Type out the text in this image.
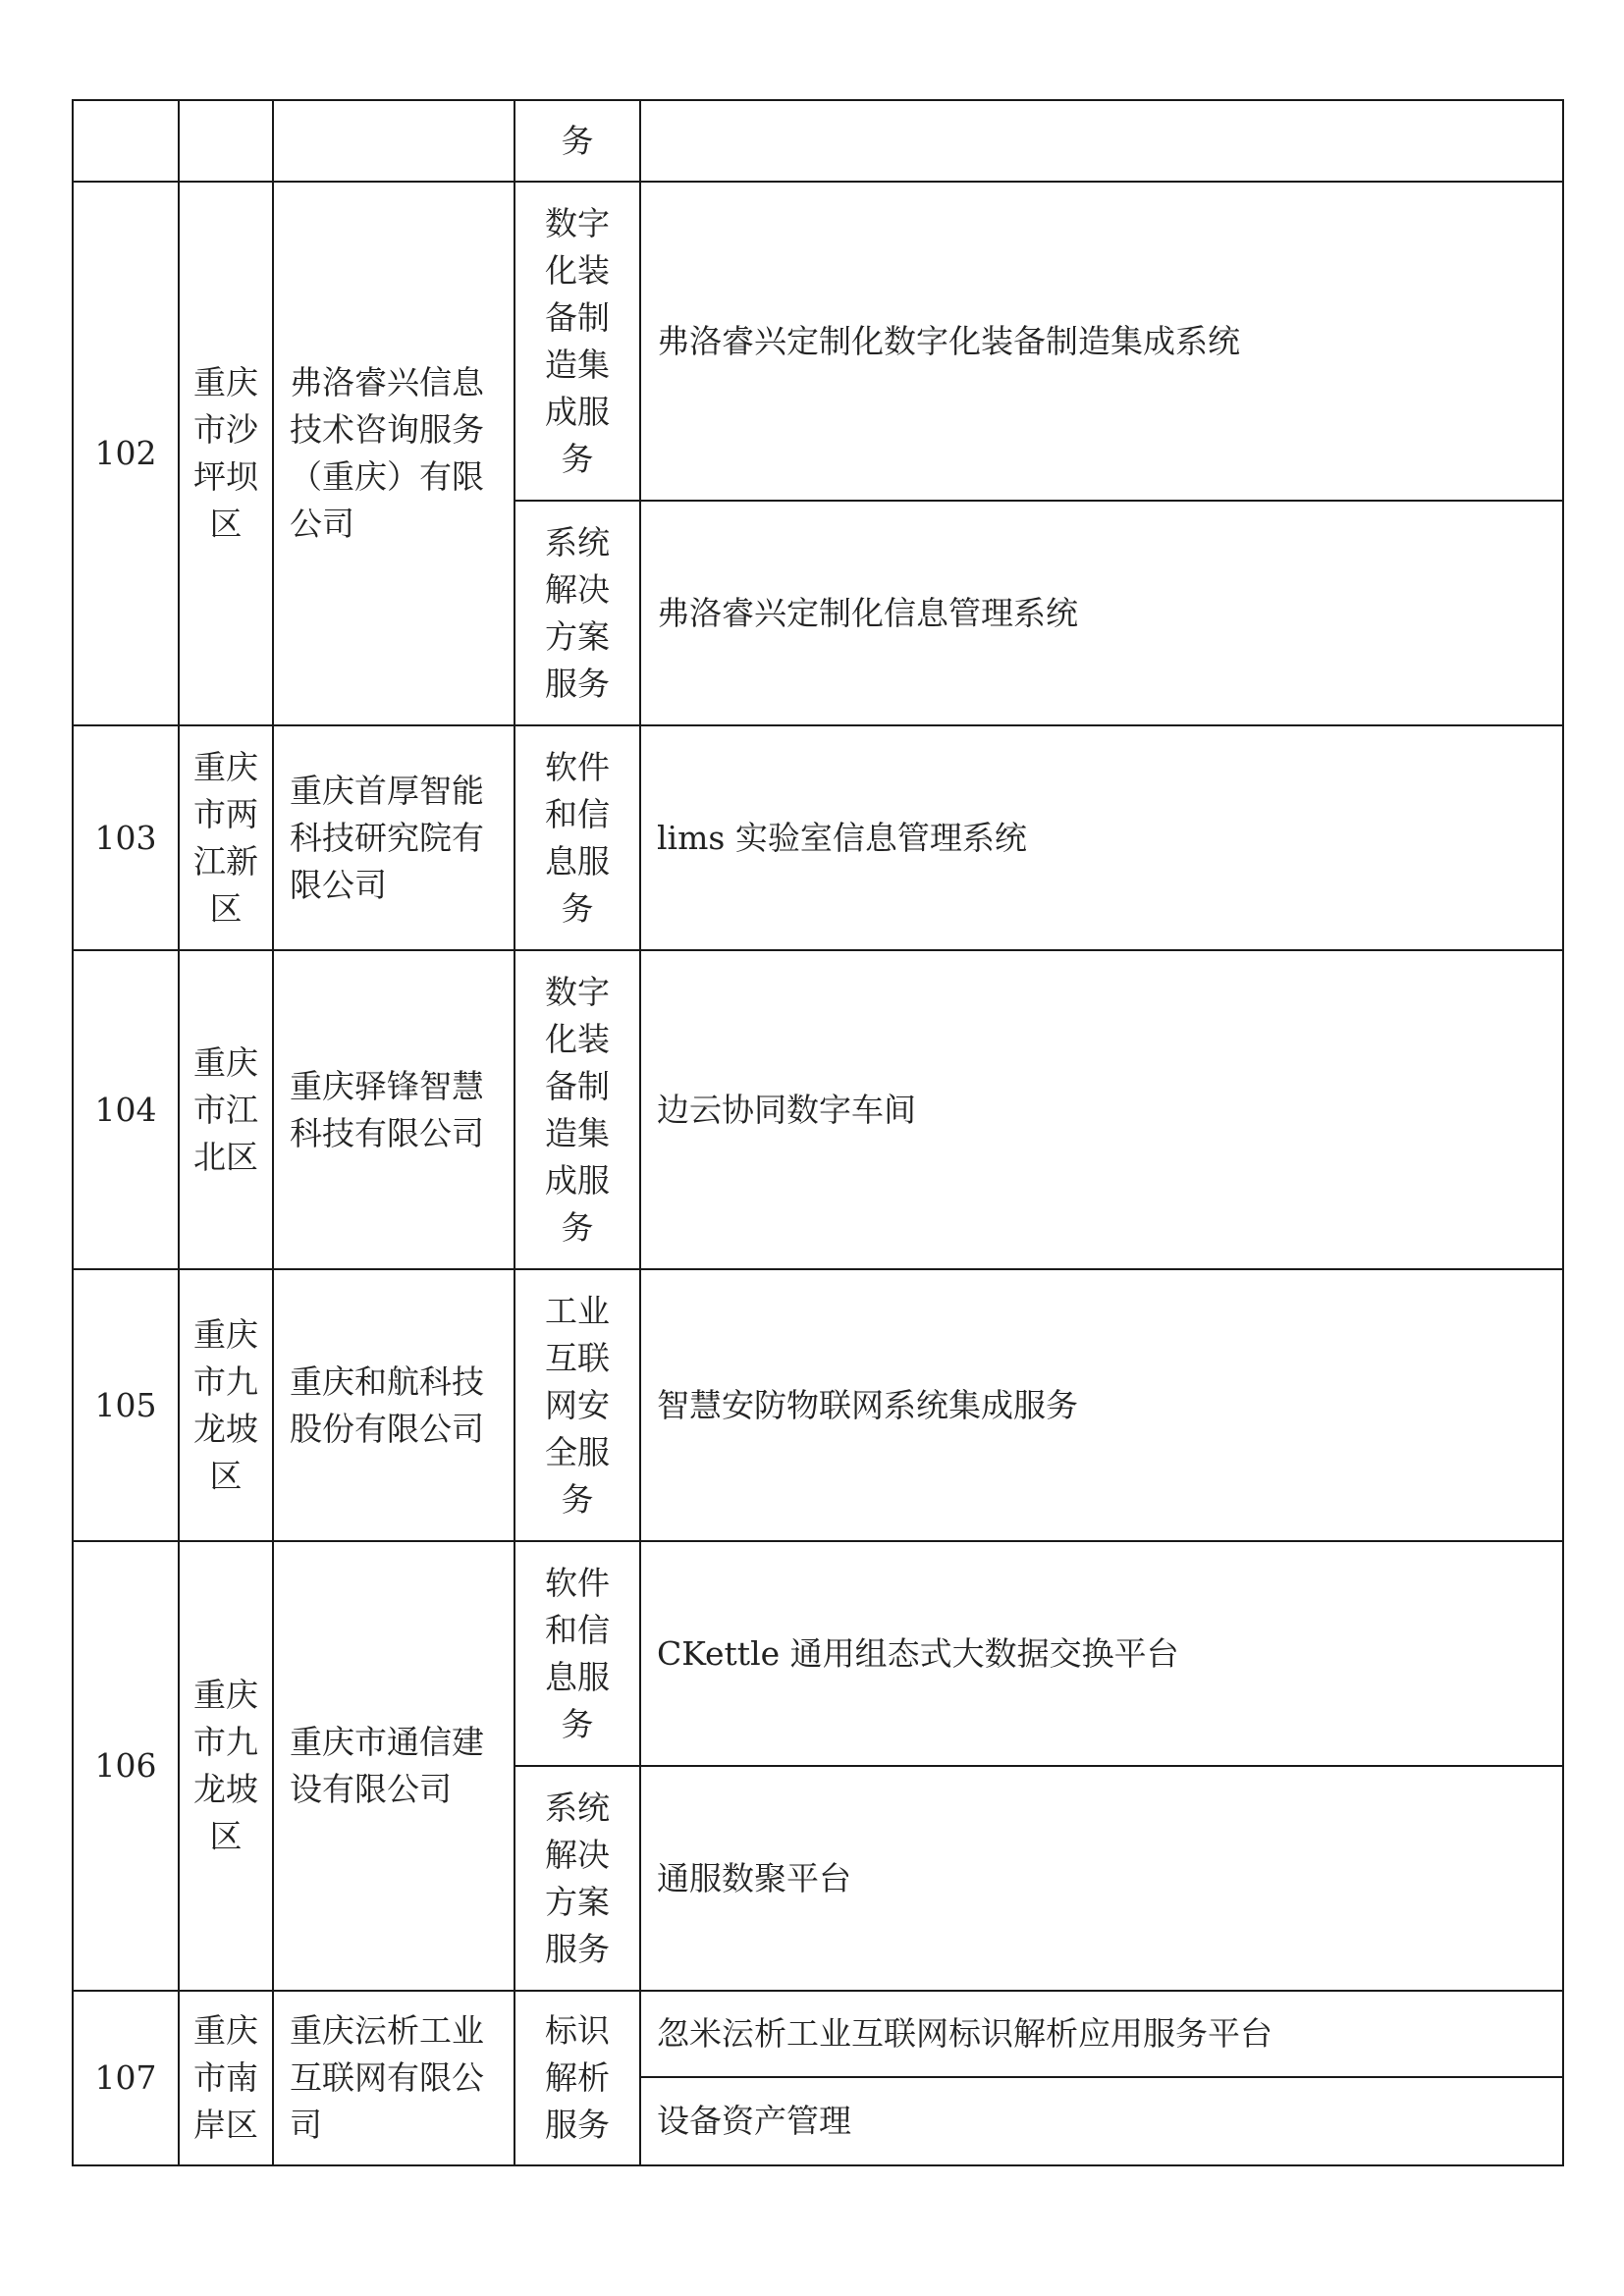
			务	

102	重庆市沙坪坝区	弗洛睿兴信息技术咨询服务（重庆）有限公司	数字化装备制造集成服务	弗洛睿兴定制化数字化装备制造集成系统

			系统解决方案服务	弗洛睿兴定制化信息管理系统
103	重庆市两江新区	重庆首厚智能科技研究院有限公司	软件和信息服务	lims 实验室信息管理系统
104	重庆市江北区	重庆驿锋智慧科技有限公司	数字化装备制造集成服务	边云协同数字车间
105	重庆市九龙坡区	重庆和航科技股份有限公司	工业互联网安全服务	智慧安防物联网系统集成服务
106	重庆市九龙坡区	重庆市通信建设有限公司	软件和信息服务	CKettle 通用组态式大数据交换平台

			系统解决方案服务	通服数聚平台
107	重庆市南岸区	重庆沄析工业互联网有限公司	标识解析服务	忽米沄析工业互联网标识解析应用服务平台
				设备资产管理
